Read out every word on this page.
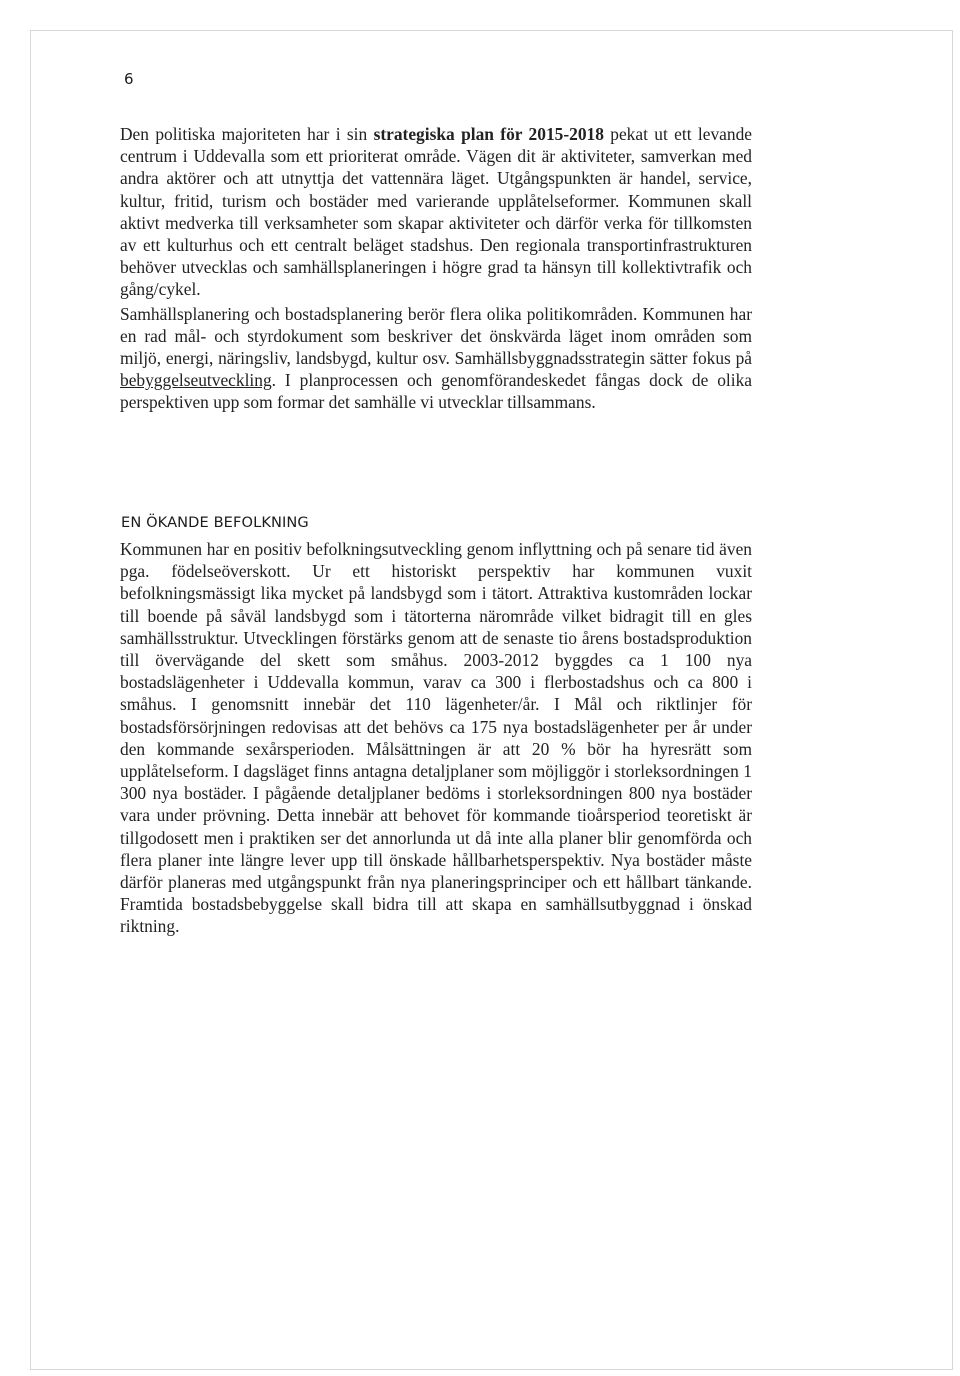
6

Den politiska majoriteten har i sin strategiska plan för 2015-2018 pekat ut ett levande centrum i Uddevalla som ett prioriterat område. Vägen dit är aktiviteter, samverkan med andra aktörer och att utnyttja det vattennära läget. Utgångspunkten är handel, service, kultur, fritid, turism och bostäder med varierande upplåtelseformer. Kommunen skall aktivt medverka till verksamheter som skapar aktiviteter och därför verka för tillkomsten av ett kulturhus och ett centralt beläget stadshus. Den regionala transportinfrastrukturen behöver utvecklas och samhällsplaneringen i högre grad ta hänsyn till kollektivtrafik och gång/cykel.

Samhällsplanering och bostadsplanering berör flera olika politikområden. Kommunen har en rad mål- och styrdokument som beskriver det önskvärda läget inom områden som miljö, energi, näringsliv, landsbygd, kultur osv. Samhällsbyggnadsstrategin sätter fokus på bebyggelseutveckling. I planprocessen och genomförandeskedet fångas dock de olika perspektiven upp som formar det samhälle vi utvecklar tillsammans.

EN ÖKANDE BEFOLKNING

Kommunen har en positiv befolkningsutveckling genom inflyttning och på senare tid även pga. födelseöverskott. Ur ett historiskt perspektiv har kommunen vuxit befolkningsmässigt lika mycket på landsbygd som i tätort. Attraktiva kustområden lockar till boende på såväl landsbygd som i tätorterna närområde vilket bidragit till en gles samhällsstruktur. Utvecklingen förstärks genom att de senaste tio årens bostadsproduktion till övervägande del skett som småhus. 2003-2012 byggdes ca 1 100 nya bostadslägenheter i Uddevalla kommun, varav ca 300 i flerbostadshus och ca 800 i småhus. I genomsnitt innebär det 110 lägenheter/år. I Mål och riktlinjer för bostadsförsörjningen redovisas att det behövs ca 175 nya bostadslägenheter per år under den kommande sexårsperioden. Målsättningen är att 20 % bör ha hyresrätt som upplåtelseform. I dagsläget finns antagna detaljplaner som möjliggör i storleksordningen 1 300 nya bostäder. I pågående detaljplaner bedöms i storleksordningen 800 nya bostäder vara under prövning. Detta innebär att behovet för kommande tioårsperiod teoretiskt är tillgodosett men i praktiken ser det annorlunda ut då inte alla planer blir genomförda och flera planer inte längre lever upp till önskade hållbarhetsperspektiv. Nya bostäder måste därför planeras med utgångspunkt från nya planeringsprinciper och ett hållbart tänkande. Framtida bostadsbebyggelse skall bidra till att skapa en samhällsutbyggnad i önskad riktning.
